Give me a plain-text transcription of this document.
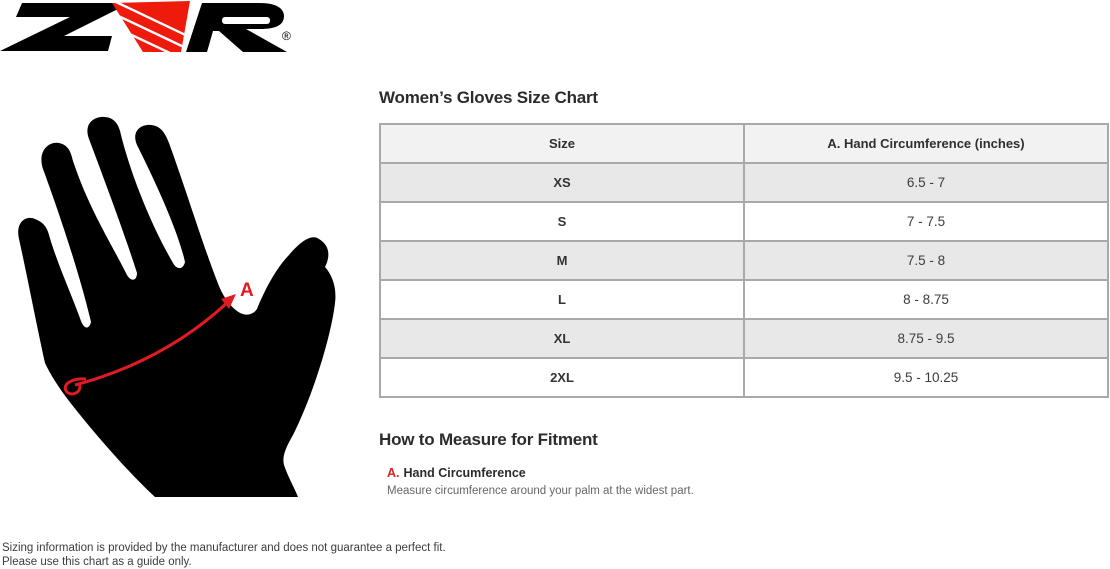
®
A
Women’s Gloves Size Chart
Size	A. Hand Circumference (inches)
XS	6.5 - 7
S	7 - 7.5
M	7.5 - 8
L	8 - 8.75
XL	8.75 - 9.5
2XL	9.5 - 10.25
How to Measure for Fitment
A. Hand Circumference
Measure circumference around your palm at the widest part.
Sizing information is provided by the manufacturer and does not guarantee a perfect fit.
Please use this chart as a guide only.
